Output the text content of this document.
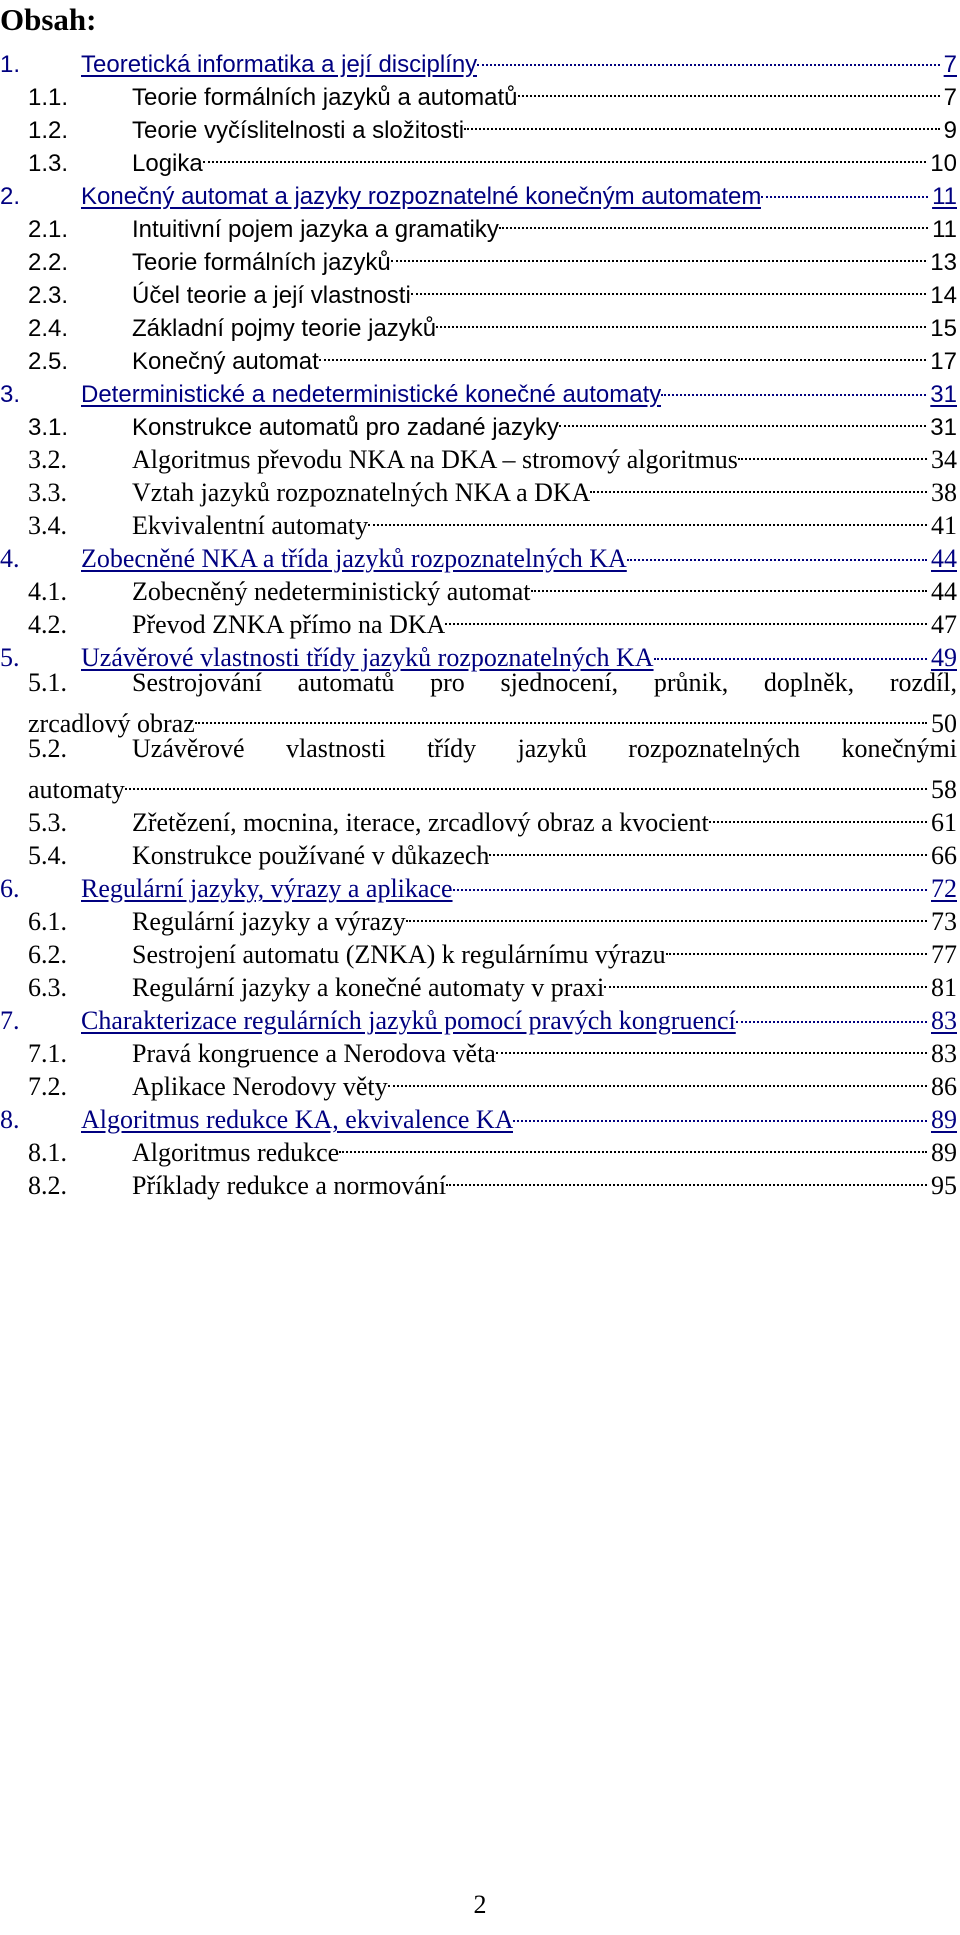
Obsah:
1.	Teoretická informatika a její disciplíny	7
1.1.	Teorie formálních jazyků a automatů	7
1.2.	Teorie vyčíslitelnosti a složitosti	9
1.3.	Logika	10
2.	Konečný automat a jazyky rozpoznatelné konečným automatem	11
2.1.	Intuitivní pojem jazyka a gramatiky	11
2.2.	Teorie formálních jazyků	13
2.3.	Účel teorie a její vlastnosti	14
2.4.	Základní pojmy teorie jazyků	15
2.5.	Konečný automat	17
3.	Deterministické a nedeterministické konečné automaty	31
3.1.	Konstrukce automatů pro zadané jazyky	31
3.2.	Algoritmus převodu NKA na DKA – stromový algoritmus	34
3.3.	Vztah jazyků rozpoznatelných NKA a DKA	38
3.4.	Ekvivalentní automaty	41
4.	Zobecněné NKA a třída jazyků rozpoznatelných KA	44
4.1.	Zobecněný nedeterministický automat	44
4.2.	Převod ZNKA přímo na DKA	47
5.	Uzávěrové vlastnosti třídy jazyků rozpoznatelných KA	49
5.1.	Sestrojování automatů pro sjednocení, průnik, doplněk, rozdíl,
zrcadlový obraz	50
5.2.	Uzávěrové vlastnosti třídy jazyků rozpoznatelných konečnými
automaty	58
5.3.	Zřetězení, mocnina, iterace, zrcadlový obraz a kvocient	61
5.4.	Konstrukce používané v důkazech	66
6.	Regulární jazyky, výrazy a aplikace	72
6.1.	Regulární jazyky a výrazy	73
6.2.	Sestrojení automatu (ZNKA) k regulárnímu výrazu	77
6.3.	Regulární jazyky a konečné automaty v praxi	81
7.	Charakterizace regulárních jazyků pomocí pravých kongruencí	83
7.1.	Pravá kongruence a Nerodova věta	83
7.2.	Aplikace Nerodovy věty	86
8.	Algoritmus redukce KA, ekvivalence KA	89
8.1.	Algoritmus redukce	89
8.2.	Příklady redukce a normování	95
2
